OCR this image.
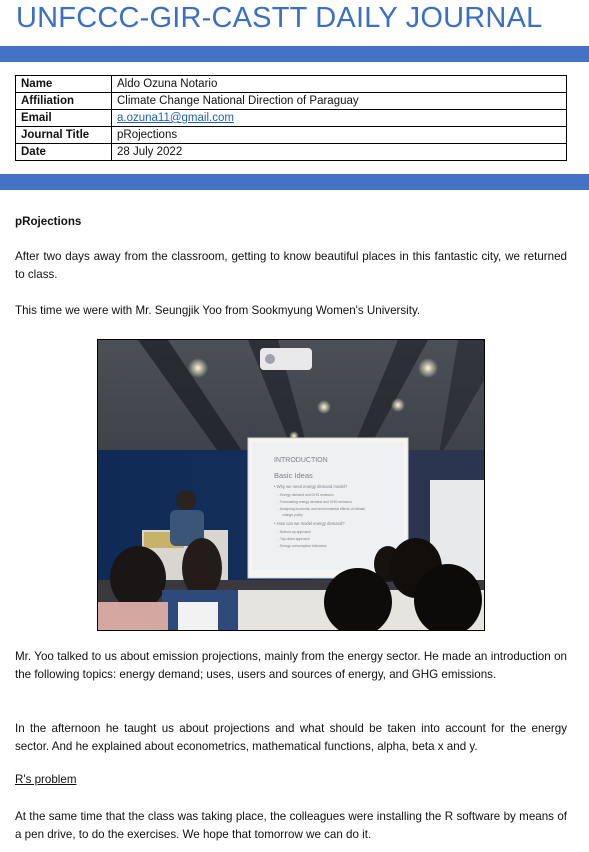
UNFCCC-GIR-CASTT DAILY JOURNAL
Name	Aldo Ozuna Notario
Affiliation	Climate Change National Direction of Paraguay
Email	a.ozuna11@gmail.com
Journal Title	pRojections
Date	28 July 2022

pRojections

After two days away from the classroom, getting to know beautiful places in this fantastic city, we returned to class.

This time we were with Mr. Seungjik Yoo from Sookmyung Women's University.

INTRODUCTION
Basic Ideas
• Why we need energy demand model?
- Energy demand and GHG emission
- Forecasting energy demand and GHG emission
- Analyzing economic and environmental effects of climate
change policy
• How can we model energy demand?
- Bottom-up approach
- Top-down approach
- Energy consumption indicators

Mr. Yoo talked to us about emission projections, mainly from the energy sector. He made an introduction on the following topics: energy demand; uses, users and sources of energy, and GHG emissions.

In the afternoon he taught us about projections and what should be taken into account for the energy sector. And he explained about econometrics, mathematical functions, alpha, beta x and y.

R's problem

At the same time that the class was taking place, the colleagues were installing the R software by means of a pen drive, to do the exercises. We hope that tomorrow we can do it.
